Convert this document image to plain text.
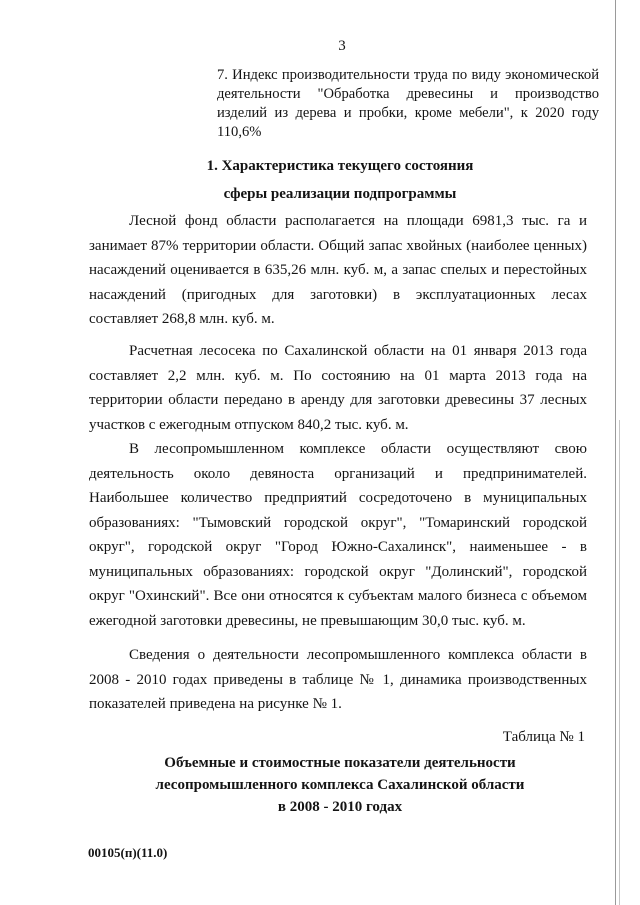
3
7. Индекс производительности труда по виду экономической деятельности "Обработка древесины и производство изделий из дерева и пробки, кроме мебели", к 2020 году 110,6%
1. Характеристика текущего состояния
сферы реализации подпрограммы

Лесной фонд области располагается на площади 6981,3 тыс. га и занимает 87% территории области. Общий запас хвойных (наиболее ценных) насаждений оценивается в 635,26 млн. куб. м, а запас спелых и перестойных насаждений (пригодных для заготовки) в эксплуатационных лесах составляет 268,8 млн. куб. м.

Расчетная лесосека по Сахалинской области на 01 января 2013 года составляет 2,2 млн. куб. м. По состоянию на 01 марта 2013 года на территории области передано в аренду для заготовки древесины 37 лесных участков с ежегодным отпуском 840,2 тыс. куб. м.

В лесопромышленном комплексе области осуществляют свою деятельность около девяноста организаций и предпринимателей. Наибольшее количество предприятий сосредоточено в муниципальных образованиях: "Тымовский городской округ", "Томаринский городской округ", городской округ "Город Южно-Сахалинск", наименьшее - в муниципальных образованиях: городской округ "Долинский", городской округ "Охинский". Все они относятся к субъектам малого бизнеса с объемом ежегодной заготовки древесины, не превышающим 30,0 тыс. куб. м.

Сведения о деятельности лесопромышленного комплекса области в 2008 - 2010 годах приведены в таблице № 1, динамика производственных показателей приведена на рисунке № 1.

Таблица № 1
Объемные и стоимостные показатели деятельности
лесопромышленного комплекса Сахалинской области
в 2008 - 2010 годах
00105(п)(11.0)
